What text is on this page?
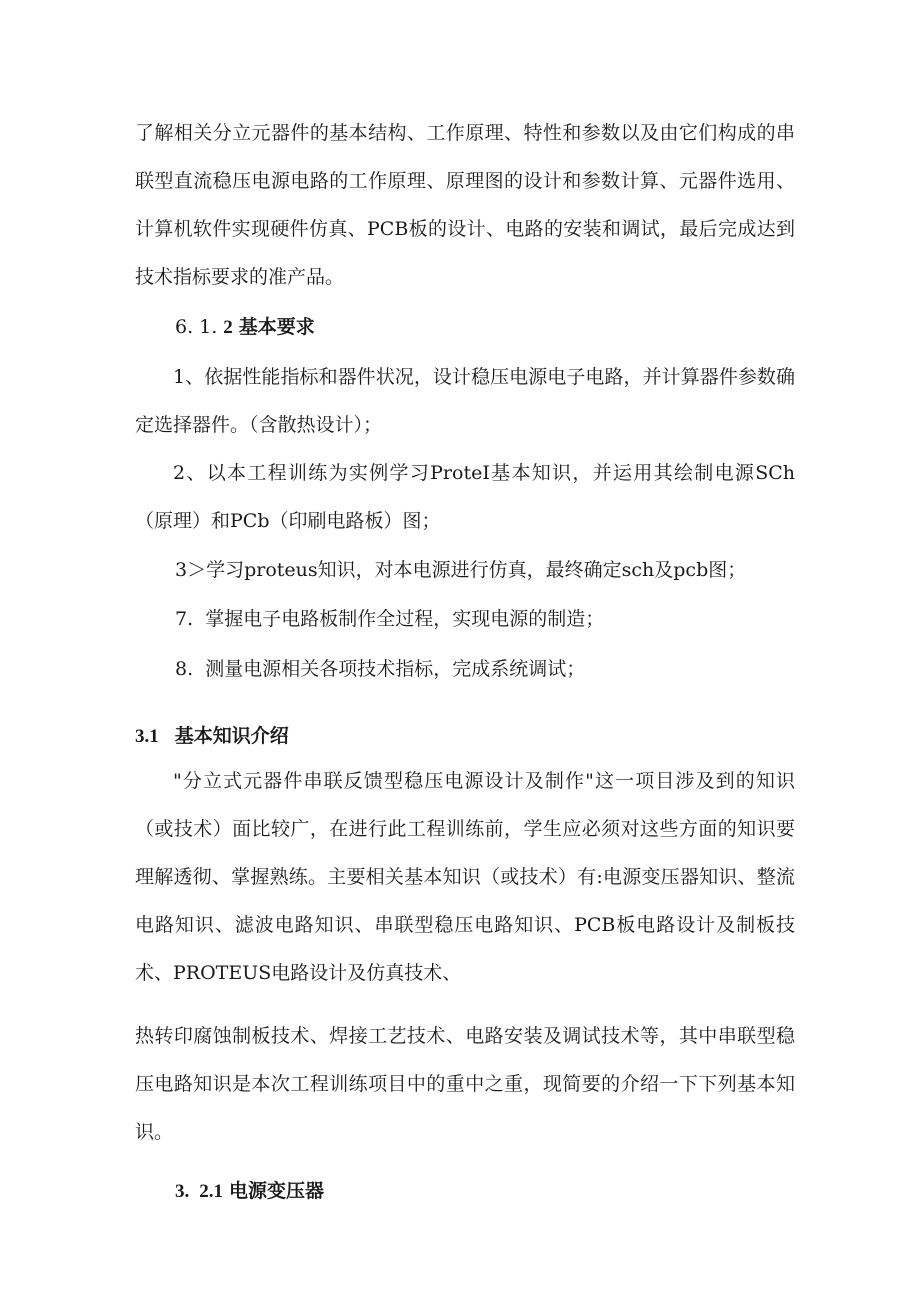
了解相关分立元器件的基本结构、工作原理、特性和参数以及由它们构成的串联型直流稳压电源电路的工作原理、原理图的设计和参数计算、元器件选用、计算机软件实现硬件仿真、PCB板的设计、电路的安装和调试，最后完成达到技术指标要求的准产品。

6. 1. 2 基本要求

1、依据性能指标和器件状况，设计稳压电源电子电路，并计算器件参数确定选择器件。（含散热设计）；

2、以本工程训练为实例学习ProteI基本知识，并运用其绘制电源SCh（原理）和PCb（印刷电路板）图；

3＞学习proteus知识，对本电源进行仿真，最终确定sch及pcb图；

7.  掌握电子电路板制作全过程，实现电源的制造；

8.  测量电源相关各项技术指标，完成系统调试；

3.1 基本知识介绍

"分立式元器件串联反馈型稳压电源设计及制作"这一项目涉及到的知识（或技术）面比较广，在进行此工程训练前，学生应必须对这些方面的知识要理解透彻、掌握熟练。主要相关基本知识（或技术）有:电源变压器知识、整流电路知识、滤波电路知识、串联型稳压电路知识、PCB板电路设计及制板技术、PROTEUS电路设计及仿真技术、

热转印腐蚀制板技术、焊接工艺技术、电路安装及调试技术等，其中串联型稳压电路知识是本次工程训练项目中的重中之重，现简要的介绍一下下列基本知识。

3. 2.1 电源变压器
